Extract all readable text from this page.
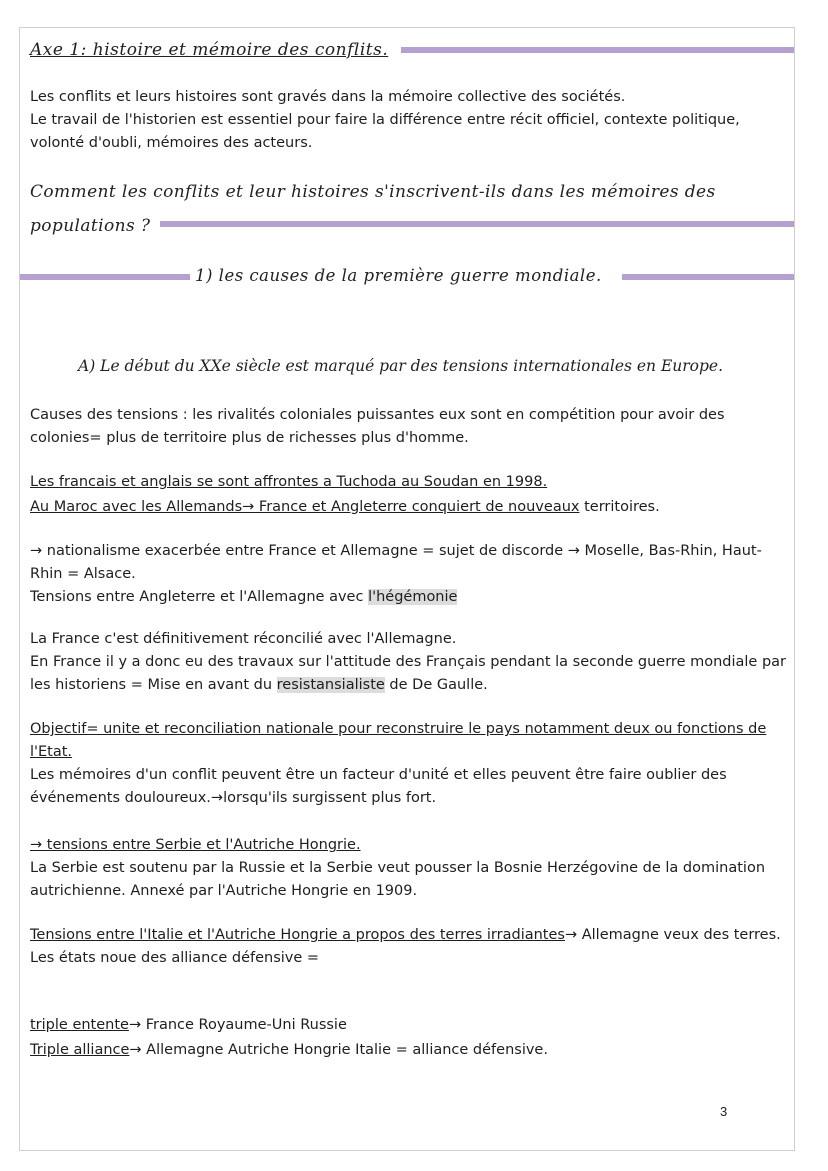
Axe 1: histoire et mémoire des conflits.

Les conflits et leurs histoires sont gravés dans la mémoire collective des sociétés.

Le travail de l'historien est essentiel pour faire la différence entre récit officiel, contexte politique, volonté d'oubli, mémoires des acteurs.

Comment les conflits et leur histoires s'inscrivent-ils dans les mémoires des populations ?
1) les causes de la première guerre mondiale.
A) Le début du XXe siècle est marqué par des tensions internationales en Europe.
Causes des tensions : les rivalités coloniales puissantes eux sont en compétition pour avoir des colonies= plus de territoire plus de richesses plus d'homme.

Les francais et anglais se sont affrontes a Tuchoda au Soudan en 1998.

Au Maroc avec les Allemands→ France et Angleterre conquiert de nouveaux territoires.

→ nationalisme exacerbée entre France et Allemagne = sujet de discorde → Moselle, Bas-Rhin, Haut-Rhin = Alsace.

Tensions entre Angleterre et l'Allemagne avec l'hégémonie

La France c'est définitivement réconcilié avec l'Allemagne.

En France il y a donc eu des travaux sur l'attitude des Français pendant la seconde guerre mondiale par les historiens = Mise en avant du resistansialiste de De Gaulle.

Objectif= unite et reconciliation nationale pour reconstruire le pays notamment deux ou fonctions de l'Etat.

Les mémoires d'un conflit peuvent être un facteur d'unité et elles peuvent être faire oublier des événements douloureux.→lorsqu'ils surgissent plus fort.

→ tensions entre Serbie et l'Autriche Hongrie.

La Serbie est soutenu par la Russie et la Serbie veut pousser la Bosnie Herzégovine de la domination autrichienne. Annexé par l'Autriche Hongrie en 1909.

Tensions entre l'Italie et l'Autriche Hongrie a propos des terres irradiantes→ Allemagne veux des terres.

Les états noue des alliance défensive =

triple entente→ France Royaume-Uni Russie

Triple alliance→ Allemagne Autriche Hongrie Italie = alliance défensive.

3
